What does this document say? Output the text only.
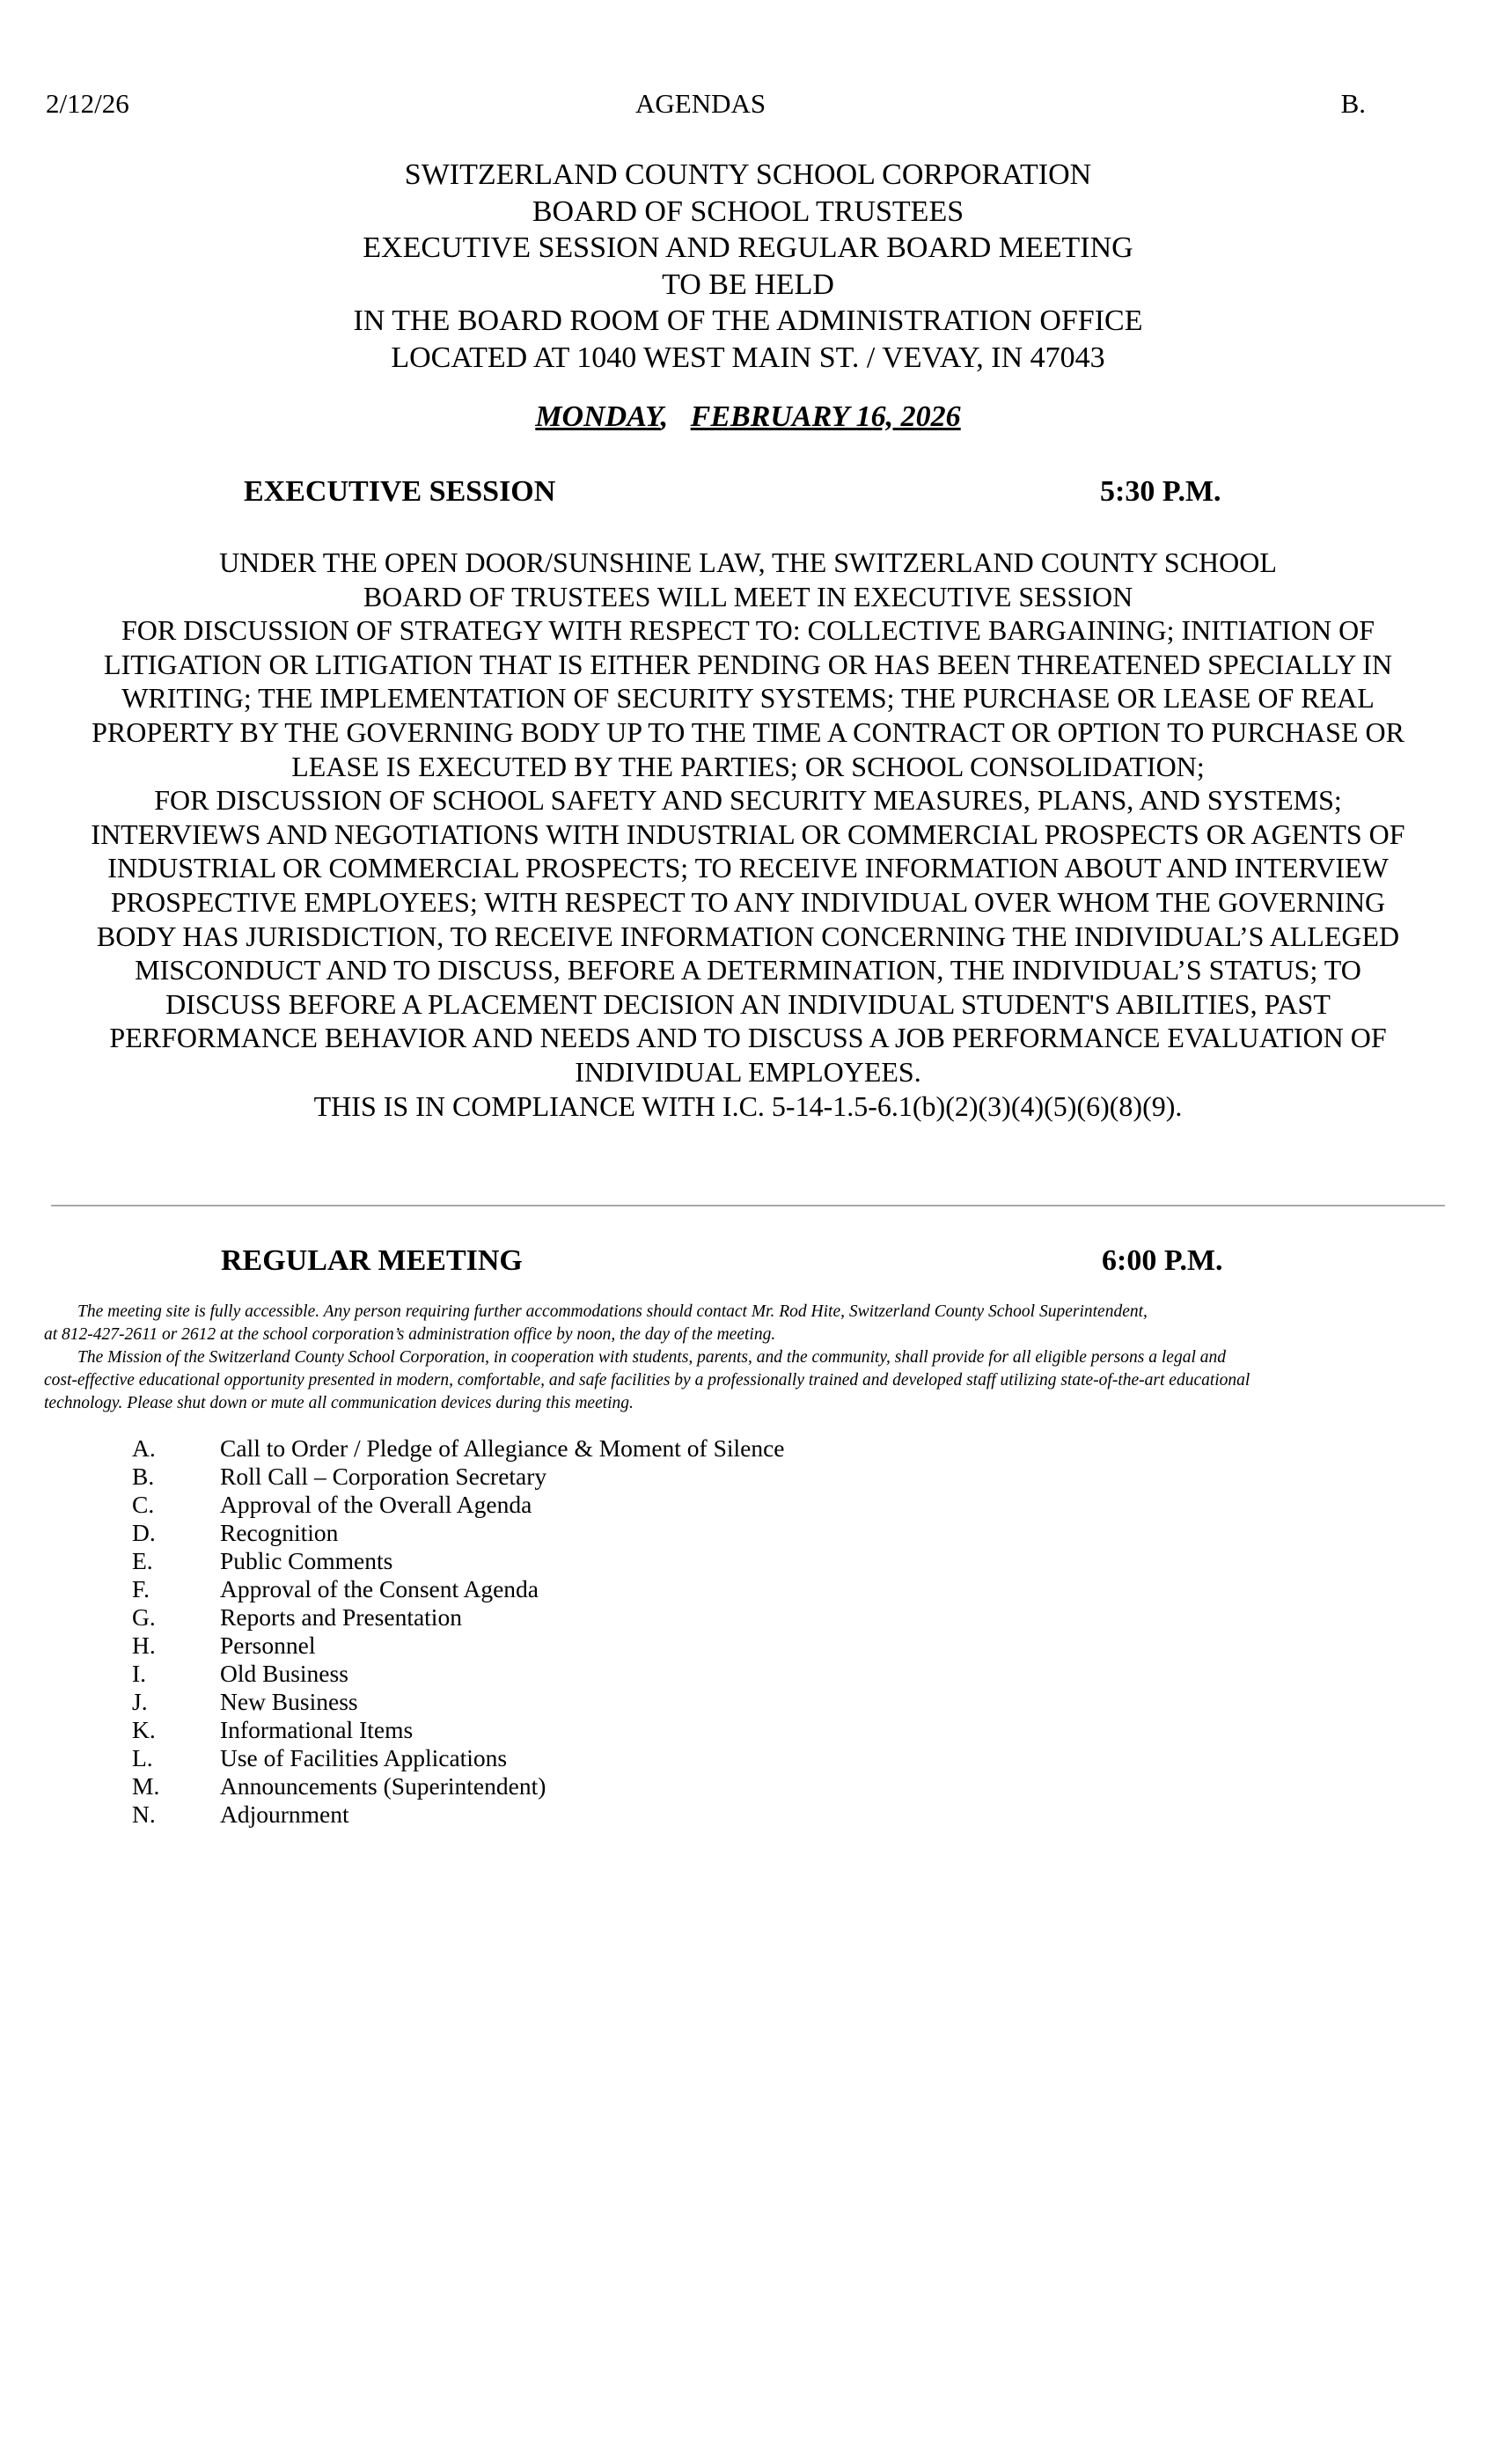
2/12/26	AGENDAS	B.
SWITZERLAND COUNTY SCHOOL CORPORATION
BOARD OF SCHOOL TRUSTEES
EXECUTIVE SESSION AND REGULAR BOARD MEETING
TO BE HELD
IN THE BOARD ROOM OF THE ADMINISTRATION OFFICE
LOCATED AT 1040 WEST MAIN ST. / VEVAY, IN 47043
MONDAY,   FEBRUARY 16, 2026
EXECUTIVE SESSION	5:30 P.M.
UNDER THE OPEN DOOR/SUNSHINE LAW, THE SWITZERLAND COUNTY SCHOOL
BOARD OF TRUSTEES WILL MEET IN EXECUTIVE SESSION
FOR DISCUSSION OF STRATEGY WITH RESPECT TO: COLLECTIVE BARGAINING; INITIATION OF
LITIGATION OR LITIGATION THAT IS EITHER PENDING OR HAS BEEN THREATENED SPECIALLY IN
WRITING; THE IMPLEMENTATION OF SECURITY SYSTEMS; THE PURCHASE OR LEASE OF REAL
PROPERTY BY THE GOVERNING BODY UP TO THE TIME A CONTRACT OR OPTION TO PURCHASE OR
LEASE IS EXECUTED BY THE PARTIES; OR SCHOOL CONSOLIDATION;
FOR DISCUSSION OF SCHOOL SAFETY AND SECURITY MEASURES, PLANS, AND SYSTEMS;
INTERVIEWS AND NEGOTIATIONS WITH INDUSTRIAL OR COMMERCIAL PROSPECTS OR AGENTS OF
INDUSTRIAL OR COMMERCIAL PROSPECTS; TO RECEIVE INFORMATION ABOUT AND INTERVIEW
PROSPECTIVE EMPLOYEES; WITH RESPECT TO ANY INDIVIDUAL OVER WHOM THE GOVERNING
BODY HAS JURISDICTION, TO RECEIVE INFORMATION CONCERNING THE INDIVIDUAL’S ALLEGED
MISCONDUCT AND TO DISCUSS, BEFORE A DETERMINATION, THE INDIVIDUAL’S STATUS; TO
DISCUSS BEFORE A PLACEMENT DECISION AN INDIVIDUAL STUDENT'S ABILITIES, PAST
PERFORMANCE BEHAVIOR AND NEEDS AND TO DISCUSS A JOB PERFORMANCE EVALUATION OF
INDIVIDUAL EMPLOYEES.
THIS IS IN COMPLIANCE WITH I.C. 5-14-1.5-6.1(b)(2)(3)(4)(5)(6)(8)(9).
REGULAR MEETING	6:00 P.M.
The meeting site is fully accessible. Any person requiring further accommodations should contact Mr. Rod Hite, Switzerland County School Superintendent,
at 812-427-2611 or 2612 at the school corporation’s administration office by noon, the day of the meeting.
The Mission of the Switzerland County School Corporation, in cooperation with students, parents, and the community, shall provide for all eligible persons a legal and
cost-effective educational opportunity presented in modern, comfortable, and safe facilities by a professionally trained and developed staff utilizing state-of-the-art educational
technology. Please shut down or mute all communication devices during this meeting.
A.	Call to Order / Pledge of Allegiance & Moment of Silence
B.	Roll Call – Corporation Secretary
C.	Approval of the Overall Agenda
D.	Recognition
E.	Public Comments
F.	Approval of the Consent Agenda
G.	Reports and Presentation
H.	Personnel
I.	Old Business
J.	New Business
K.	Informational Items
L.	Use of Facilities Applications
M. Announcements (Superintendent)
N.	Adjournment
